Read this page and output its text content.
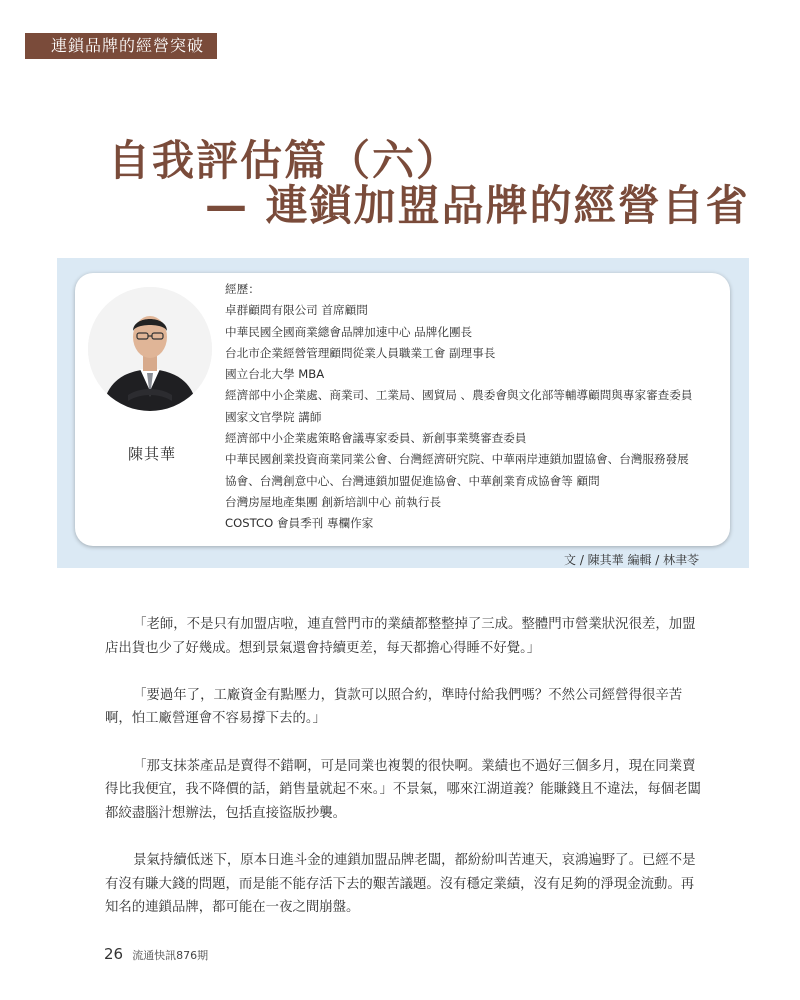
連鎖品牌的經營突破
自我評估篇（六）
— 連鎖加盟品牌的經營自省
陳其華
經歷：
卓群顧問有限公司 首席顧問
中華民國全國商業總會品牌加速中心 品牌化團長
台北市企業經營管理顧問從業人員職業工會 副理事長
國立台北大學 MBA
經濟部中小企業處、商業司、工業局、國貿局 、農委會與文化部等輔導顧問與專家審查委員
國家文官學院 講師
經濟部中小企業處策略會議專家委員、新創事業獎審查委員
中華民國創業投資商業同業公會、台灣經濟研究院、中華兩岸連鎖加盟協會、台灣服務發展
協會、台灣創意中心、台灣連鎖加盟促進協會、中華創業育成協會等 顧問
台灣房屋地產集團 創新培訓中心 前執行長
COSTCO 會員季刊 專欄作家
文 / 陳其華 編輯 / 林聿苓

「老師，不是只有加盟店啦，連直營門市的業績都整整掉了三成。整體門市營業狀況很差，加盟店出貨也少了好幾成。想到景氣還會持續更差，每天都擔心得睡不好覺。」

「要過年了，工廠資金有點壓力，貨款可以照合約，準時付給我們嗎？不然公司經營得很辛苦啊，怕工廠營運會不容易撐下去的。」

「那支抹茶產品是賣得不錯啊，可是同業也複製的很快啊。業績也不過好三個多月，現在同業賣得比我便宜，我不降價的話，銷售量就起不來。」不景氣，哪來江湖道義？能賺錢且不違法，每個老闆都絞盡腦汁想辦法，包括直接盜版抄襲。

景氣持續低迷下，原本日進斗金的連鎖加盟品牌老闆，都紛紛叫苦連天，哀鴻遍野了。已經不是有沒有賺大錢的問題，而是能不能存活下去的艱苦議題。沒有穩定業績，沒有足夠的淨現金流動。再知名的連鎖品牌，都可能在一夜之間崩盤。

26 流通快訊876期
